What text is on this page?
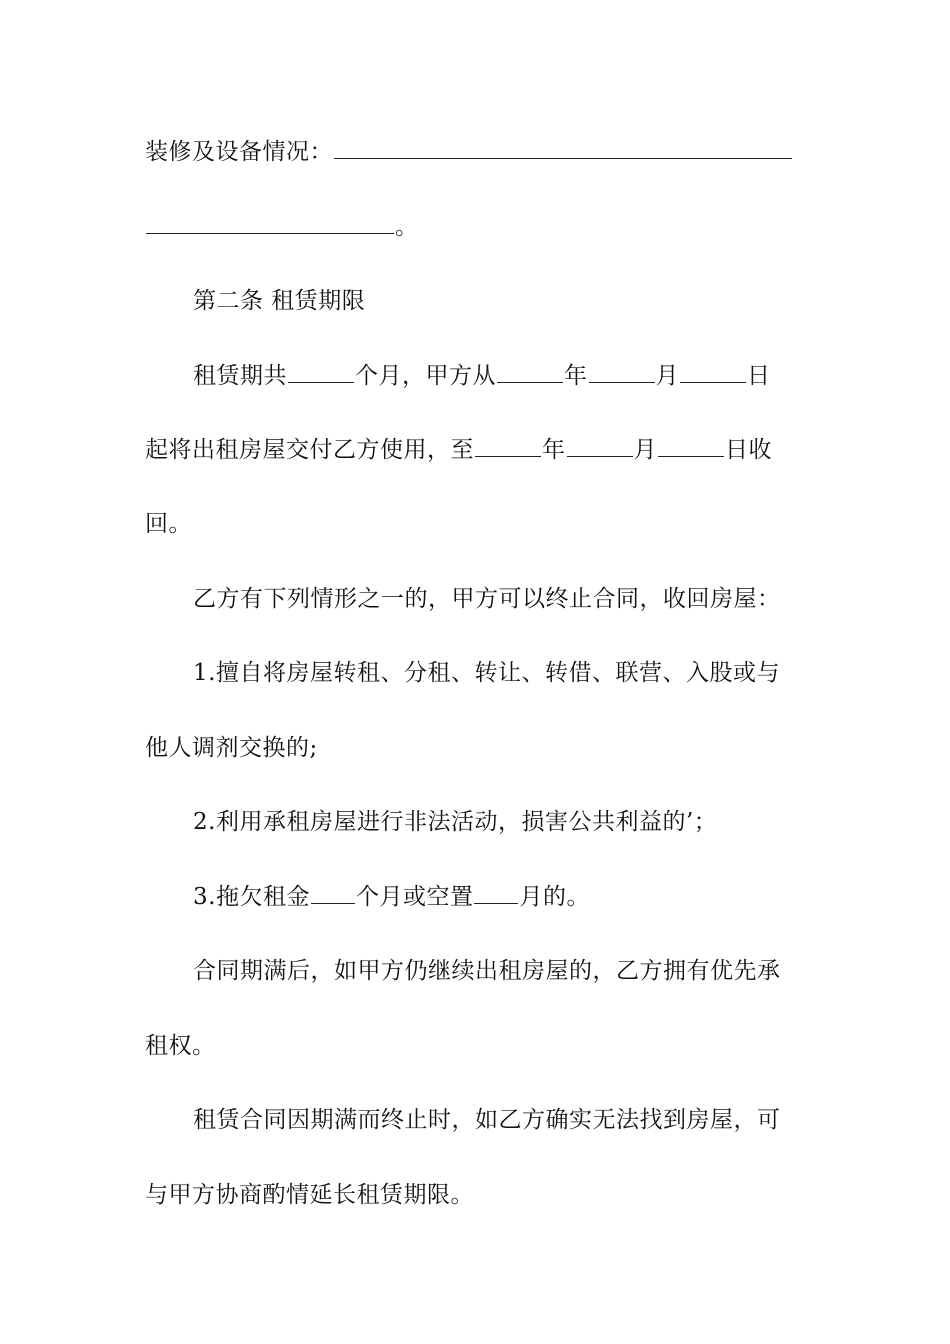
装修及设备情况：
。
第二条 租赁期限
租赁期共	个月，甲方从	年	月	日
起将出租房屋交付乙方使用，至	年	月	日收
回。
乙方有下列情形之一的，甲方可以终止合同，收回房屋：
1.擅自将房屋转租、分租、转让、转借、联营、入股或与
他人调剂交换的;
2.利用承租房屋进行非法活动，损害公共利益的’；
3.拖欠租金 个月或空置 月的。
合同期满后，如甲方仍继续出租房屋的，乙方拥有优先承
租权。
租赁合同因期满而终止时，如乙方确实无法找到房屋，可
与甲方协商酌情延长租赁期限。
